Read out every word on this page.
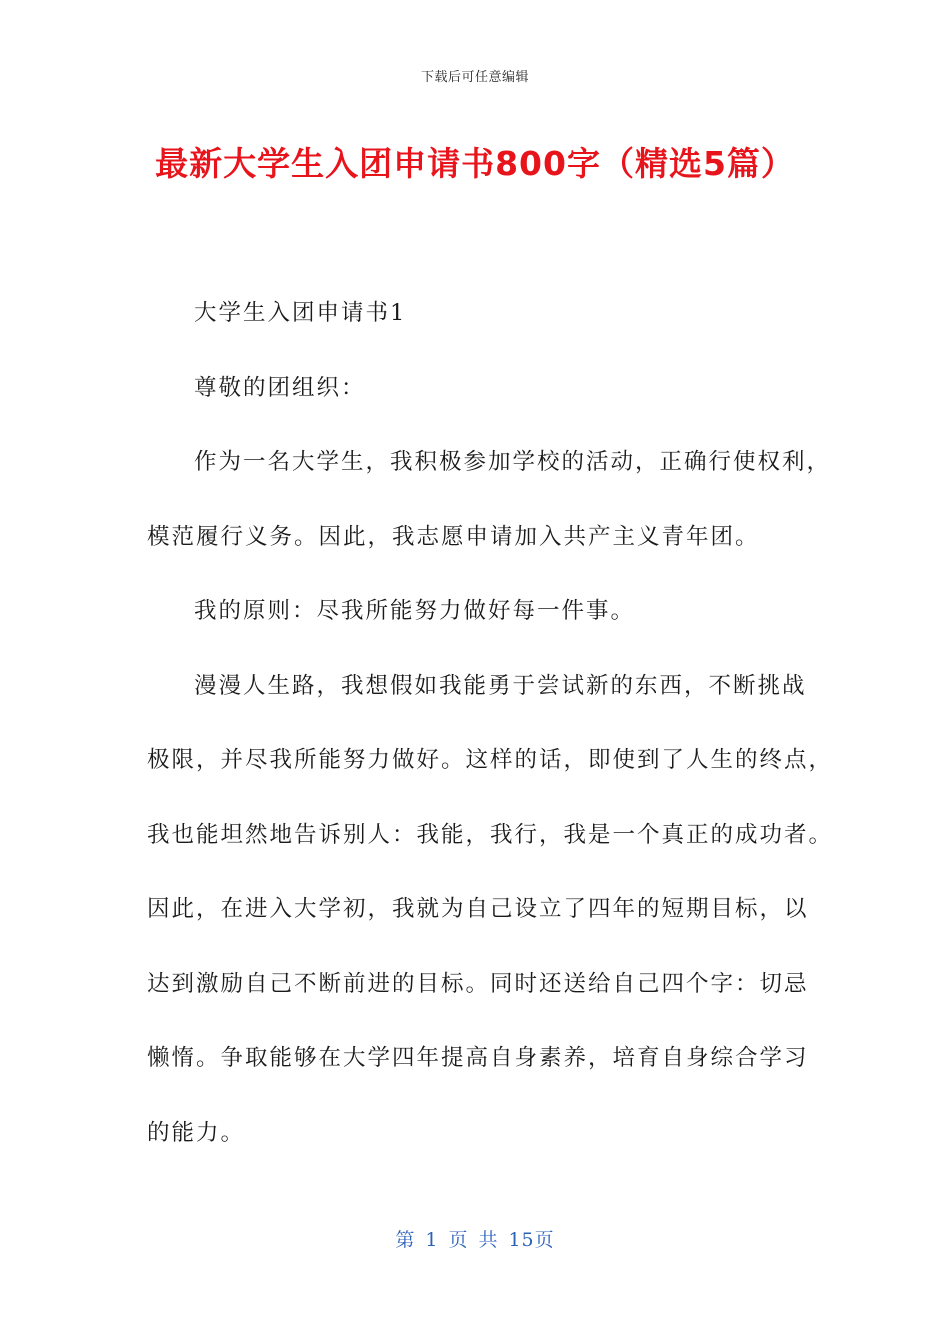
下载后可任意编辑
最新大学生入团申请书800字（精选5篇）

大学生入团申请书1

尊敬的团组织：

作为一名大学生，我积极参加学校的活动，正确行使权利，

模范履行义务。因此，我志愿申请加入共产主义青年团。

我的原则：尽我所能努力做好每一件事。

漫漫人生路，我想假如我能勇于尝试新的东西，不断挑战

极限，并尽我所能努力做好。这样的话，即使到了人生的终点，

我也能坦然地告诉别人：我能，我行，我是一个真正的成功者。

因此，在进入大学初，我就为自己设立了四年的短期目标，以

达到激励自己不断前进的目标。同时还送给自己四个字：切忌

懒惰。争取能够在大学四年提高自身素养，培育自身综合学习

的能力。

第 1 页 共 15页
